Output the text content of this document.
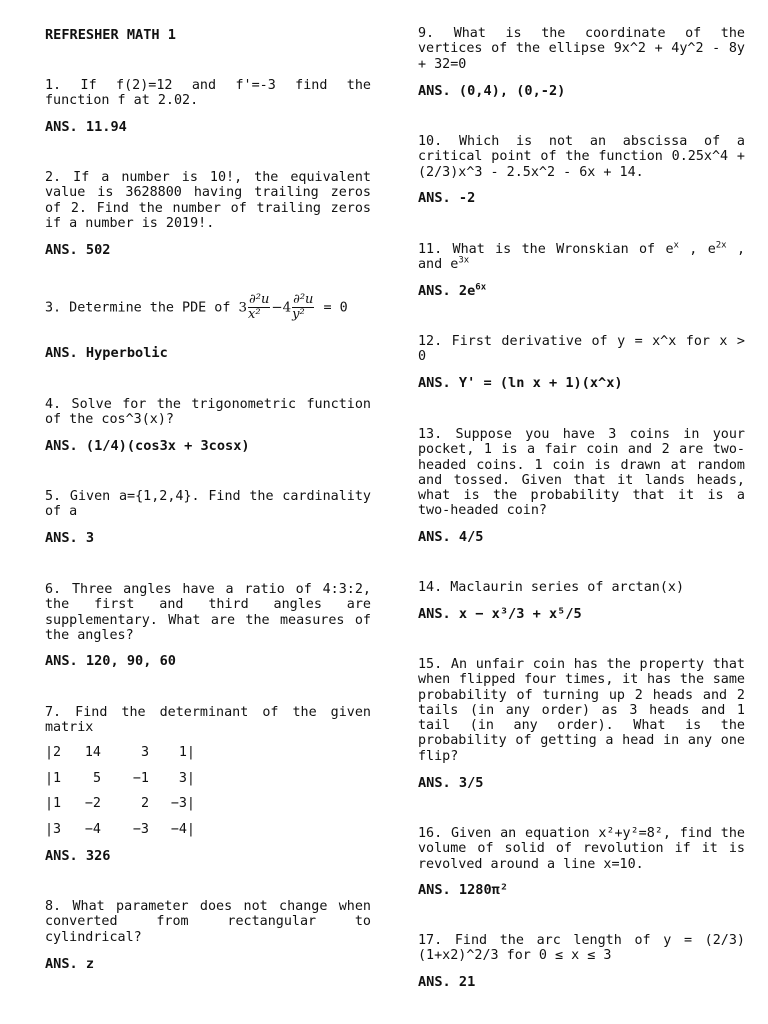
REFRESHER MATH 1
1. If f(2)=12 and f'=-3 find the function f at 2.02.
ANS. 11.94
2. If a number is 10!, the equivalent value is 3628800 having trailing zeros of 2. Find the number of trailing zeros if a number is 2019!.
ANS. 502
3. Determine the PDE of $3 \frac{\text{∂²u}}{\text{x²}} -4 \frac{\text{∂²u}}{\text{y²}} = 0$
ANS. Hyperbolic
4. Solve for the trigonometric function of the cos^3(x)?
ANS. (1/4)(cos3x + 3cosx)
5. Given a={1,2,4}. Find the cardinality of a
ANS. 3
6. Three angles have a ratio of 4:3:2, the first and third angles are supplementary. What are the measures of the angles?
ANS. 120, 90, 60
7. Find the determinant of the given matrix
|2 14	3 1|
|1 5 −1 3|
|1 −2	2 −3|
|3 −4 −3 −4|
ANS. 326
8. What parameter does not change when converted from rectangular to cylindrical?
ANS. z
9. What is the coordinate of the vertices of the ellipse 9x^2 + 4y^2 - 8y + 32=0
ANS. (0,4), (0,-2)
10. Which is not an abscissa of a critical point of the function 0.25x^4 + (2/3)x^3 - 2.5x^2 - 6x + 14.
ANS. -2
11. What is the Wronskian of $e^x$ , $e^{2x}$ , and $e^{3x}$
ANS. $2e^{6x}$
12. First derivative of y = x^x for x > 0
ANS. Y' = (ln x + 1)(x^x)
13. Suppose you have 3 coins in your pocket, 1 is a fair coin and 2 are two-headed coins. 1 coin is drawn at random and tossed. Given that it lands heads, what is the probability that it is a two-headed coin?
ANS. 4/5
14. Maclaurin series of arctan(x)
ANS. x − x³/3 + x⁵/5
15. An unfair coin has the property that when flipped four times, it has the same probability of turning up 2 heads and 2 tails (in any order) as 3 heads and 1 tail (in any order). What is the probability of getting a head in any one flip?
ANS. 3/5
16. Given an equation x²+y²=8², find the volume of solid of revolution if it is revolved around a line x=10.
ANS. 1280π²
17. Find the arc length of y = (2/3) (1+x2)^2/3 for 0 ≤ x ≤ 3
ANS. 21
